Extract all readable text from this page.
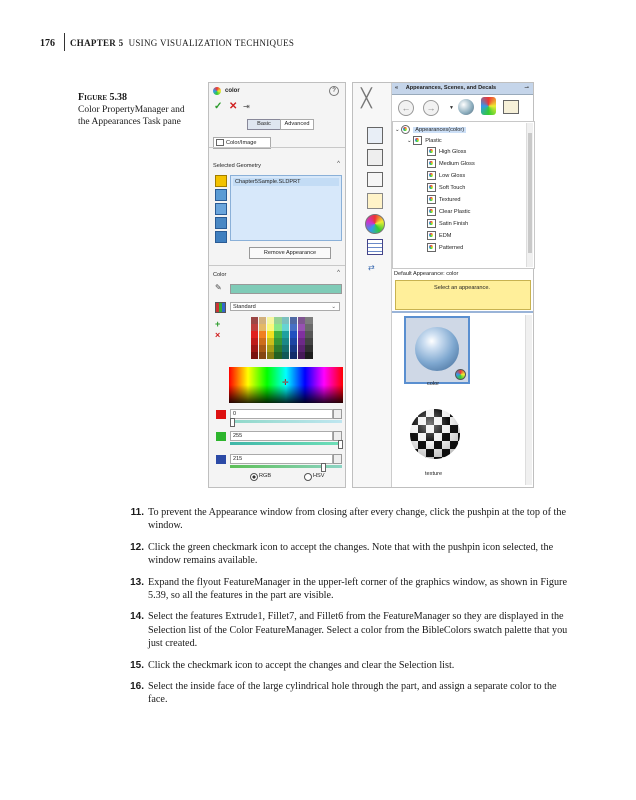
176 CHAPTER 5 USING VISUALIZATION TECHNIQUES
Figure 5.38
Color PropertyManager and the Appearances Task pane
color	?
✓ ✕ ⇥
Basic	Advanced
Color/Image
Selected Geometry	^
Chapter5Sample.SLDPRT
Remove Appearance
Color	^
✎
Standard	⌄
+
×
✛
0
255
215
RGB	HSV
╳
⇄
« Appearances, Scenes, and Decals	⊸
←	→	▼
⌄	Appearances(color)
⌄ Plastic
High Gloss
Medium Gloss
Low Gloss
Soft Touch
Textured
Clear Plastic
Satin Finish
EDM
Patterned
Default Appearance: color
Select an appearance.
color
texture
11. To prevent the Appearance window from closing after every change, click the pushpin at the top of the window.
12. Click the green checkmark icon to accept the changes. Note that with the pushpin icon selected, the window remains available.
13. Expand the flyout FeatureManager in the upper-left corner of the graphics window, as shown in Figure 5.39, so all the features in the part are visible.
14. Select the features Extrude1, Fillet7, and Fillet6 from the FeatureManager so they are displayed in the Selection list of the Color FeatureManager. Select a color from the BibleColors swatch palette that you just created.
15. Click the checkmark icon to accept the changes and clear the Selection list.
16. Select the inside face of the large cylindrical hole through the part, and assign a separate color to the face.
